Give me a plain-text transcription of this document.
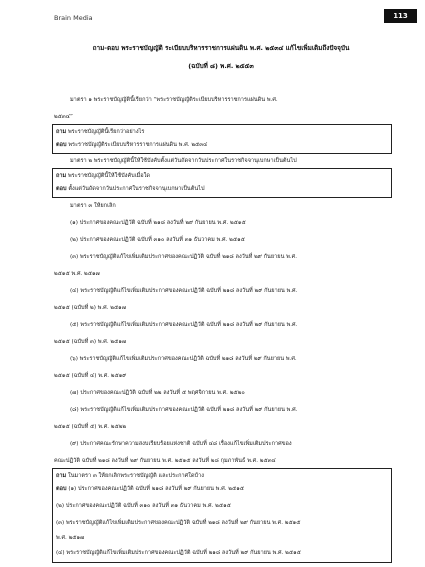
Brain Media	113
ถาม-ตอบ พระราชบัญญัติ ระเบียบบริหารราชการแผ่นดิน พ.ศ. ๒๕๓๔ แก้ไขเพิ่มเติมถึงปัจจุบัน
(ฉบับที่ ๘) พ.ศ. ๒๕๕๓
มาตรา ๑ พระราชบัญญัตินี้เรียกว่า “พระราชบัญญัติระเบียบบริหารราชการแผ่นดิน พ.ศ.
๒๕๓๔”
ถาม พระราชบัญญัตินี้เรียกว่าอย่างไร
ตอบ พระราชบัญญัติระเบียบบริหารราชการแผ่นดิน พ.ศ. ๒๕๓๔
มาตรา ๒ พระราชบัญญัตินี้ให้ใช้บังคับตั้งแต่วันถัดจากวันประกาศในราชกิจจานุเบกษาเป็นต้นไป
ถาม พระราชบัญญัตินี้ให้ใช้บังคับเมื่อใด
ตอบ ตั้งแต่วันถัดจากวันประกาศในราชกิจจานุเบกษาเป็นต้นไป
มาตรา ๓ ให้ยกเลิก
(๑) ประกาศของคณะปฏิวัติ ฉบับที่ ๒๑๘ ลงวันที่ ๒๙ กันยายน พ.ศ. ๒๕๑๕
(๒) ประกาศของคณะปฏิวัติ ฉบับที่ ๓๑๐ ลงวันที่ ๓๑ ธันวาคม พ.ศ. ๒๕๑๕
(๓) พระราชบัญญัติแก้ไขเพิ่มเติมประกาศของคณะปฏิวัติ ฉบับที่ ๒๑๘ ลงวันที่ ๒๙ กันยายน พ.ศ.
๒๕๑๕ พ.ศ. ๒๕๑๗
(๔) พระราชบัญญัติแก้ไขเพิ่มเติมประกาศของคณะปฏิวัติ ฉบับที่ ๒๑๘ ลงวันที่ ๒๙ กันยายน พ.ศ.
๒๕๑๕ (ฉบับที่ ๒) พ.ศ. ๒๕๑๗
(๕) พระราชบัญญัติแก้ไขเพิ่มเติมประกาศของคณะปฏิวัติ ฉบับที่ ๒๑๘ ลงวันที่ ๒๙ กันยายน พ.ศ.
๒๕๑๕ (ฉบับที่ ๓) พ.ศ. ๒๕๑๗
(๖) พระราชบัญญัติแก้ไขเพิ่มเติมประกาศของคณะปฏิวัติ ฉบับที่ ๒๑๘ ลงวันที่ ๒๙ กันยายน พ.ศ.
๒๕๑๕ (ฉบับที่ ๔) พ.ศ. ๒๕๑๙
(๗) ประกาศของคณะปฏิวัติ ฉบับที่ ๒๒ ลงวันที่ ๕ พฤศจิกายน พ.ศ. ๒๕๒๐
(๘) พระราชบัญญัติแก้ไขเพิ่มเติมประกาศของคณะปฏิวัติ ฉบับที่ ๒๑๘ ลงวันที่ ๒๙ กันยายน พ.ศ.
๒๕๑๕ (ฉบับที่ ๕) พ.ศ. ๒๕๒๒
(๙) ประกาศคณะรักษาความสงบเรียบร้อยแห่งชาติ ฉบับที่ ๔๘ เรื่องแก้ไขเพิ่มเติมประกาศของ
คณะปฏิวัติ ฉบับที่ ๒๑๘ ลงวันที่ ๒๙ กันยายน พ.ศ. ๒๕๑๕ ลงวันที่ ๒๘ กุมภาพันธ์ พ.ศ. ๒๕๓๔
ถาม ในมาตรา ๓ ให้ยกเลิกพระราชบัญญัติ และประกาศใดบ้าง
ตอบ (๑) ประกาศของคณะปฏิวัติ ฉบับที่ ๒๑๘ ลงวันที่ ๒๙ กันยายน พ.ศ. ๒๕๑๕
(๒) ประกาศของคณะปฏิวัติ ฉบับที่ ๓๑๐ ลงวันที่ ๓๑ ธันวาคม พ.ศ. ๒๕๑๕
(๓) พระราชบัญญัติแก้ไขเพิ่มเติมประกาศของคณะปฏิวัติ ฉบับที่ ๒๑๘ ลงวันที่ ๒๙ กันยายน พ.ศ. ๒๕๑๕
พ.ศ. ๒๕๑๗
(๔) พระราชบัญญัติแก้ไขเพิ่มเติมประกาศของคณะปฏิวัติ ฉบับที่ ๒๑๘ ลงวันที่ ๒๙ กันยายน พ.ศ. ๒๕๑๕
